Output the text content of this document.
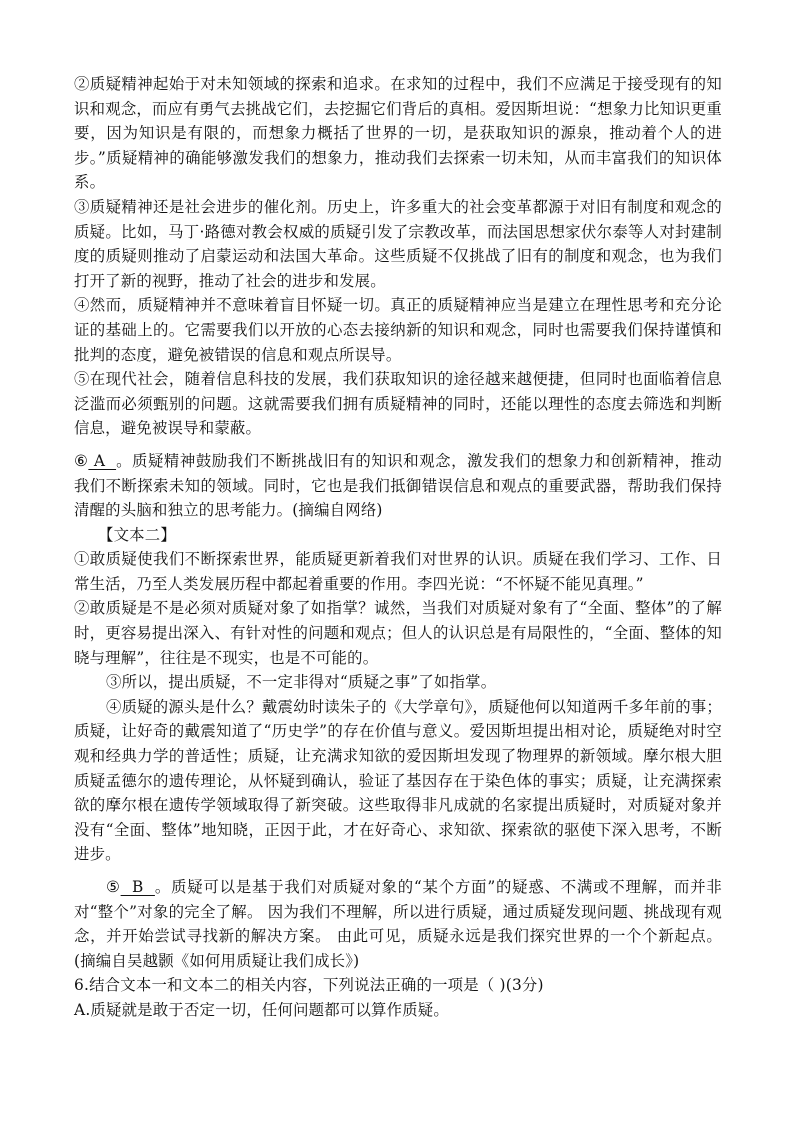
②质疑精神起始于对未知领域的探索和追求。在求知的过程中，我们不应满足于接受现有的知识和观念，而应有勇气去挑战它们，去挖掘它们背后的真相。爱因斯坦说：“想象力比知识更重要，因为知识是有限的，而想象力概括了世界的一切，是获取知识的源泉，推动着个人的进步。”质疑精神的确能够激发我们的想象力，推动我们去探索一切未知，从而丰富我们的知识体系。

③质疑精神还是社会进步的催化剂。历史上，许多重大的社会变革都源于对旧有制度和观念的质疑。比如，马丁·路德对教会权威的质疑引发了宗教改革，而法国思想家伏尔泰等人对封建制度的质疑则推动了启蒙运动和法国大革命。这些质疑不仅挑战了旧有的制度和观念，也为我们打开了新的视野，推动了社会的进步和发展。

④然而，质疑精神并不意味着盲目怀疑一切。真正的质疑精神应当是建立在理性思考和充分论证的基础上的。它需要我们以开放的心态去接纳新的知识和观念，同时也需要我们保持谨慎和批判的态度，避免被错误的信息和观点所误导。

⑤在现代社会，随着信息科技的发展，我们获取知识的途径越来越便捷，但同时也面临着信息泛滥而必须甄别的问题。这就需要我们拥有质疑精神的同时，还能以理性的态度去筛选和判断信息，避免被误导和蒙蔽。

⑥ A  。质疑精神鼓励我们不断挑战旧有的知识和观念，激发我们的想象力和创新精神，推动我们不断探索未知的领域。同时，它也是我们抵御错误信息和观点的重要武器，帮助我们保持清醒的头脑和独立的思考能力。(摘编自网络)

【文本二】

①敢质疑使我们不断探索世界，能质疑更新着我们对世界的认识。质疑在我们学习、工作、日常生活，乃至人类发展历程中都起着重要的作用。李四光说：“不怀疑不能见真理。”

②敢质疑是不是必须对质疑对象了如指掌？诚然，当我们对质疑对象有了“全面、整体”的了解时，更容易提出深入、有针对性的问题和观点；但人的认识总是有局限性的，“全面、整体的知晓与理解”，往往是不现实，也是不可能的。

③所以，提出质疑，不一定非得对“质疑之事”了如指掌。

④质疑的源头是什么？戴震幼时读朱子的《大学章句》，质疑他何以知道两千多年前的事；质疑，让好奇的戴震知道了“历史学”的存在价值与意义。爱因斯坦提出相对论，质疑绝对时空观和经典力学的普适性；质疑，让充满求知欲的爱因斯坦发现了物理界的新领域。摩尔根大胆质疑孟德尔的遗传理论，从怀疑到确认，验证了基因存在于染色体的事实；质疑，让充满探索欲的摩尔根在遗传学领域取得了新突破。这些取得非凡成就的名家提出质疑时，对质疑对象并没有“全面、整体”地知晓，正因于此，才在好奇心、求知欲、探索欲的驱使下深入思考，不断进步。

⑤  B  。质疑可以是基于我们对质疑对象的“某个方面”的疑惑、不满或不理解，而并非对“整个”对象的完全了解。 因为我们不理解，所以进行质疑，通过质疑发现问题、挑战现有观念，并开始尝试寻找新的解决方案。 由此可见，质疑永远是我们探究世界的一个个新起点。 (摘编自吴越颢《如何用质疑让我们成长》)

6.结合文本一和文本二的相关内容，下列说法正确的一项是（ )(3分)

A.质疑就是敢于否定一切，任何问题都可以算作质疑。
